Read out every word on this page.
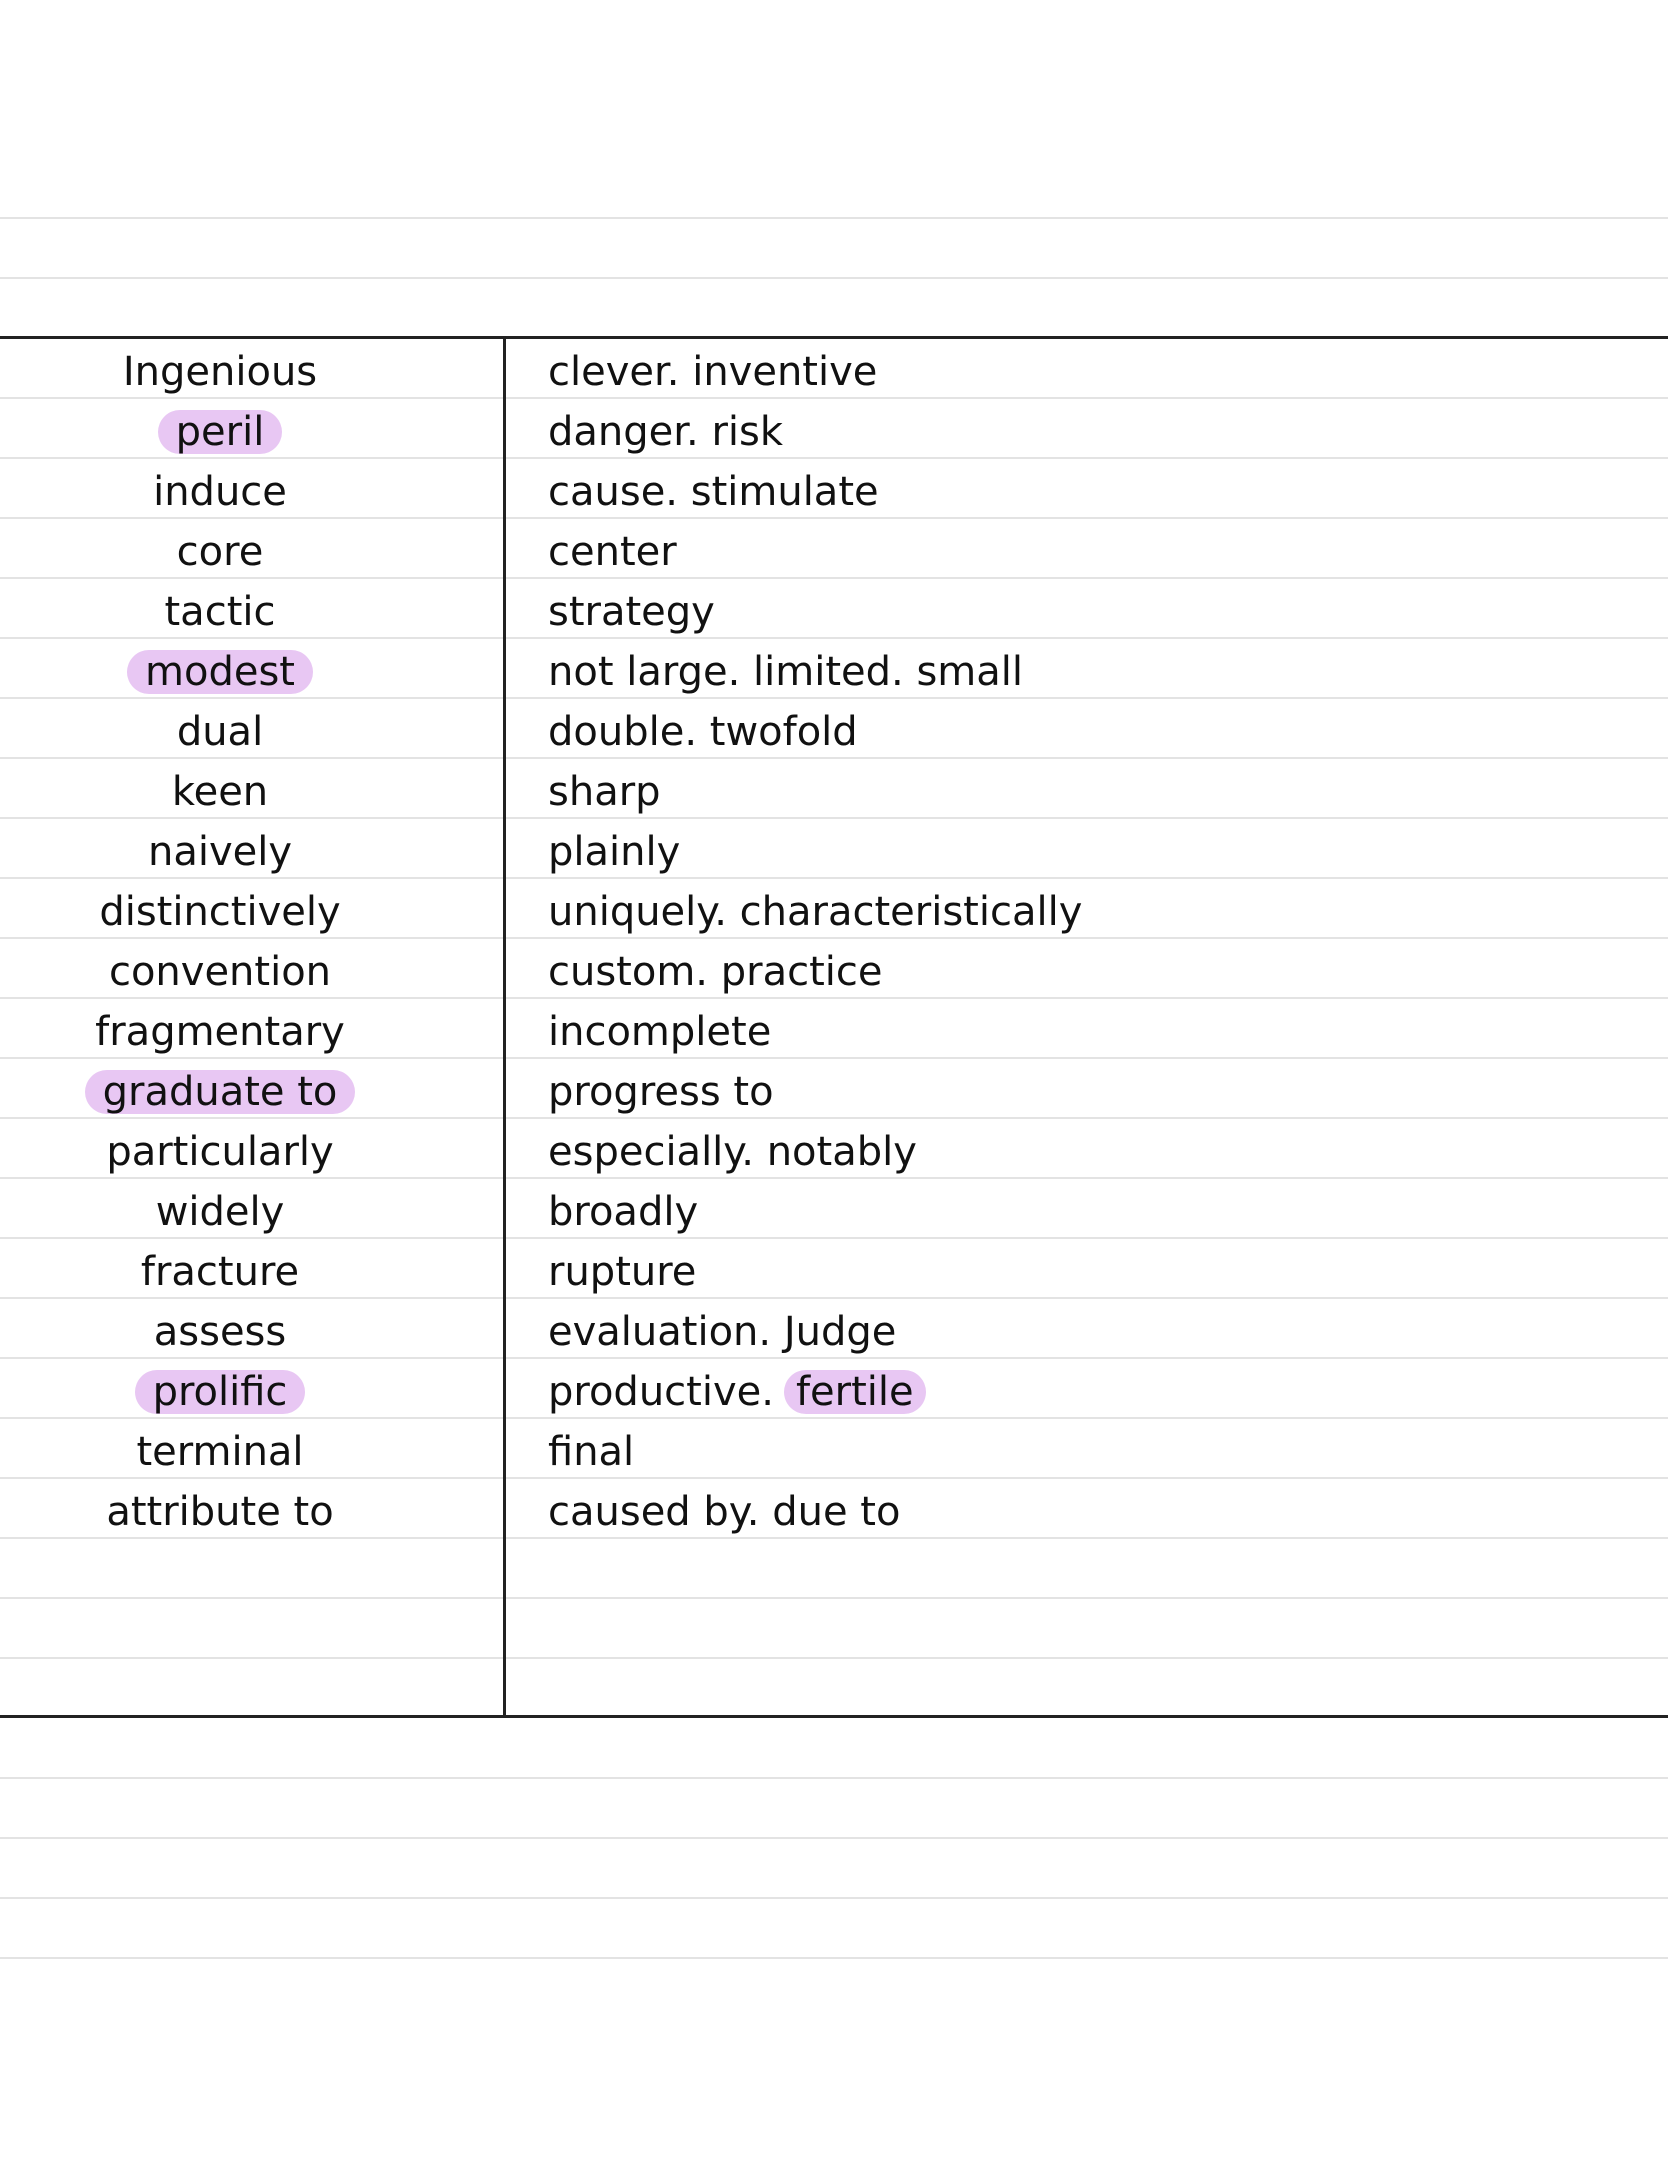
Ingenious	clever. inventive
peril	danger. risk
induce	cause. stimulate
core	center
tactic	strategy
modest	not large. limited. small
dual	double. twofold
keen	sharp
naively	plainly
distinctively	uniquely. characteristically
convention	custom. practice
fragmentary	incomplete
graduate to	progress to
particularly	especially. notably
widely	broadly
fracture	rupture
assess	evaluation. Judge
prolific	productive. fertile
terminal	final
attribute to	caused by. due to
